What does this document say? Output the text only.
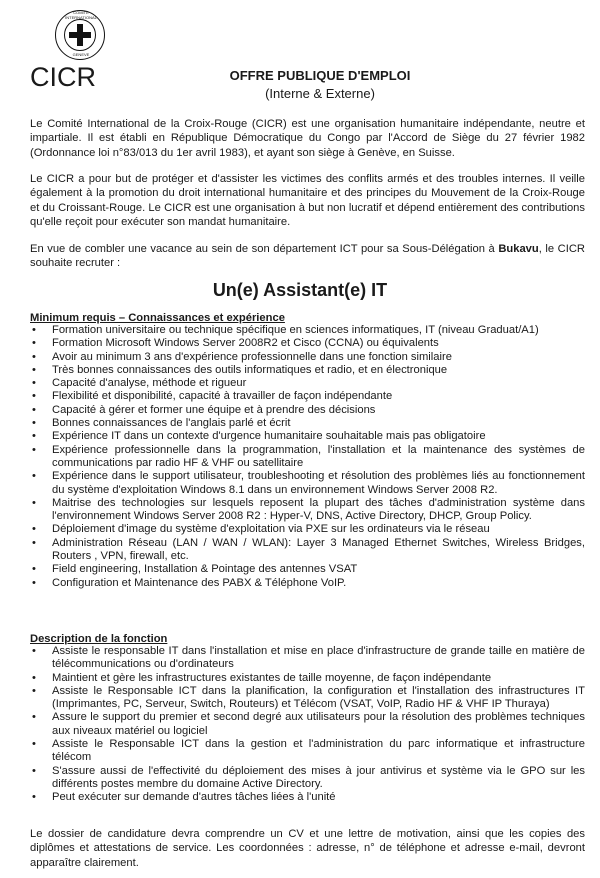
COMITE INTERNATIONAL
GENEVE
CICR	OFFRE PUBLIQUE D'EMPLOI
(Interne & Externe)
Le Comité International de la Croix-Rouge (CICR) est une organisation humanitaire indépendante, neutre et impartiale. Il est établi en République Démocratique du Congo par l'Accord de Siège du 27 février 1982 (Ordonnance loi n°83/013 du 1er avril 1983), et ayant son siège à Genève, en Suisse.
Le CICR a pour but de protéger et d'assister les victimes des conflits armés et des troubles internes. Il veille également à la promotion du droit international humanitaire et des principes du Mouvement de la Croix-Rouge et du Croissant-Rouge. Le CICR est une organisation à but non lucratif et dépend entièrement des contributions qu'elle reçoit pour exécuter son mandat humanitaire.
En vue de combler une vacance au sein de son département ICT pour sa Sous-Délégation à Bukavu, le CICR souhaite recruter :
Un(e) Assistant(e) IT
Minimum requis – Connaissances et expérience
• Formation universitaire ou technique spécifique en sciences informatiques, IT (niveau Graduat/A1)
• Formation Microsoft Windows Server 2008R2 et Cisco (CCNA) ou équivalents
• Avoir au minimum 3 ans d'expérience professionnelle dans une fonction similaire
• Très bonnes connaissances des outils informatiques et radio, et en électronique
• Capacité d'analyse, méthode et rigueur
• Flexibilité et disponibilité, capacité à travailler de façon indépendante
• Capacité à gérer et former une équipe et à prendre des décisions
• Bonnes connaissances de l'anglais parlé et écrit
• Expérience IT dans un contexte d'urgence humanitaire souhaitable mais pas obligatoire
• Expérience professionnelle dans la programmation, l'installation et la maintenance des systèmes de communications par radio HF & VHF ou satellitaire
• Expérience dans le support utilisateur, troubleshooting et résolution des problèmes liés au fonctionnement du système d'exploitation Windows 8.1 dans un environnement Windows Server 2008 R2.
• Maitrise des technologies sur lesquels reposent la plupart des tâches d'administration système dans l'environnement Windows Server 2008 R2 : Hyper-V, DNS, Active Directory, DHCP, Group Policy.
• Déploiement d'image du système d'exploitation via PXE sur les ordinateurs via le réseau
• Administration Réseau (LAN / WAN / WLAN): Layer 3 Managed Ethernet Switches, Wireless Bridges, Routers , VPN, firewall, etc.
• Field engineering, Installation & Pointage des antennes VSAT
• Configuration et Maintenance des PABX & Téléphone VoIP.
Description de la fonction
• Assiste le responsable IT dans l'installation et mise en place d'infrastructure de grande taille en matière de télécommunications ou d'ordinateurs
• Maintient et gère les infrastructures existantes de taille moyenne, de façon indépendante
• Assiste le Responsable ICT dans la planification, la configuration et l'installation des infrastructures IT (Imprimantes, PC, Serveur, Switch, Routeurs) et Télécom (VSAT, VoIP, Radio HF & VHF IP Thuraya)
• Assure le support du premier et second degré aux utilisateurs pour la résolution des problèmes techniques aux niveaux matériel ou logiciel
• Assiste le Responsable ICT dans la gestion et l'administration du parc informatique et infrastructure télécom
• S'assure aussi de l'effectivité du déploiement des mises à jour antivirus et système via le GPO sur les différents postes membre du domaine Active Directory.
• Peut exécuter sur demande d'autres tâches liées à l'unité
Le dossier de candidature devra comprendre un CV et une lettre de motivation, ainsi que les copies des diplômes et attestations de service. Les coordonnées : adresse, n° de téléphone et adresse e-mail, devront apparaître clairement.
